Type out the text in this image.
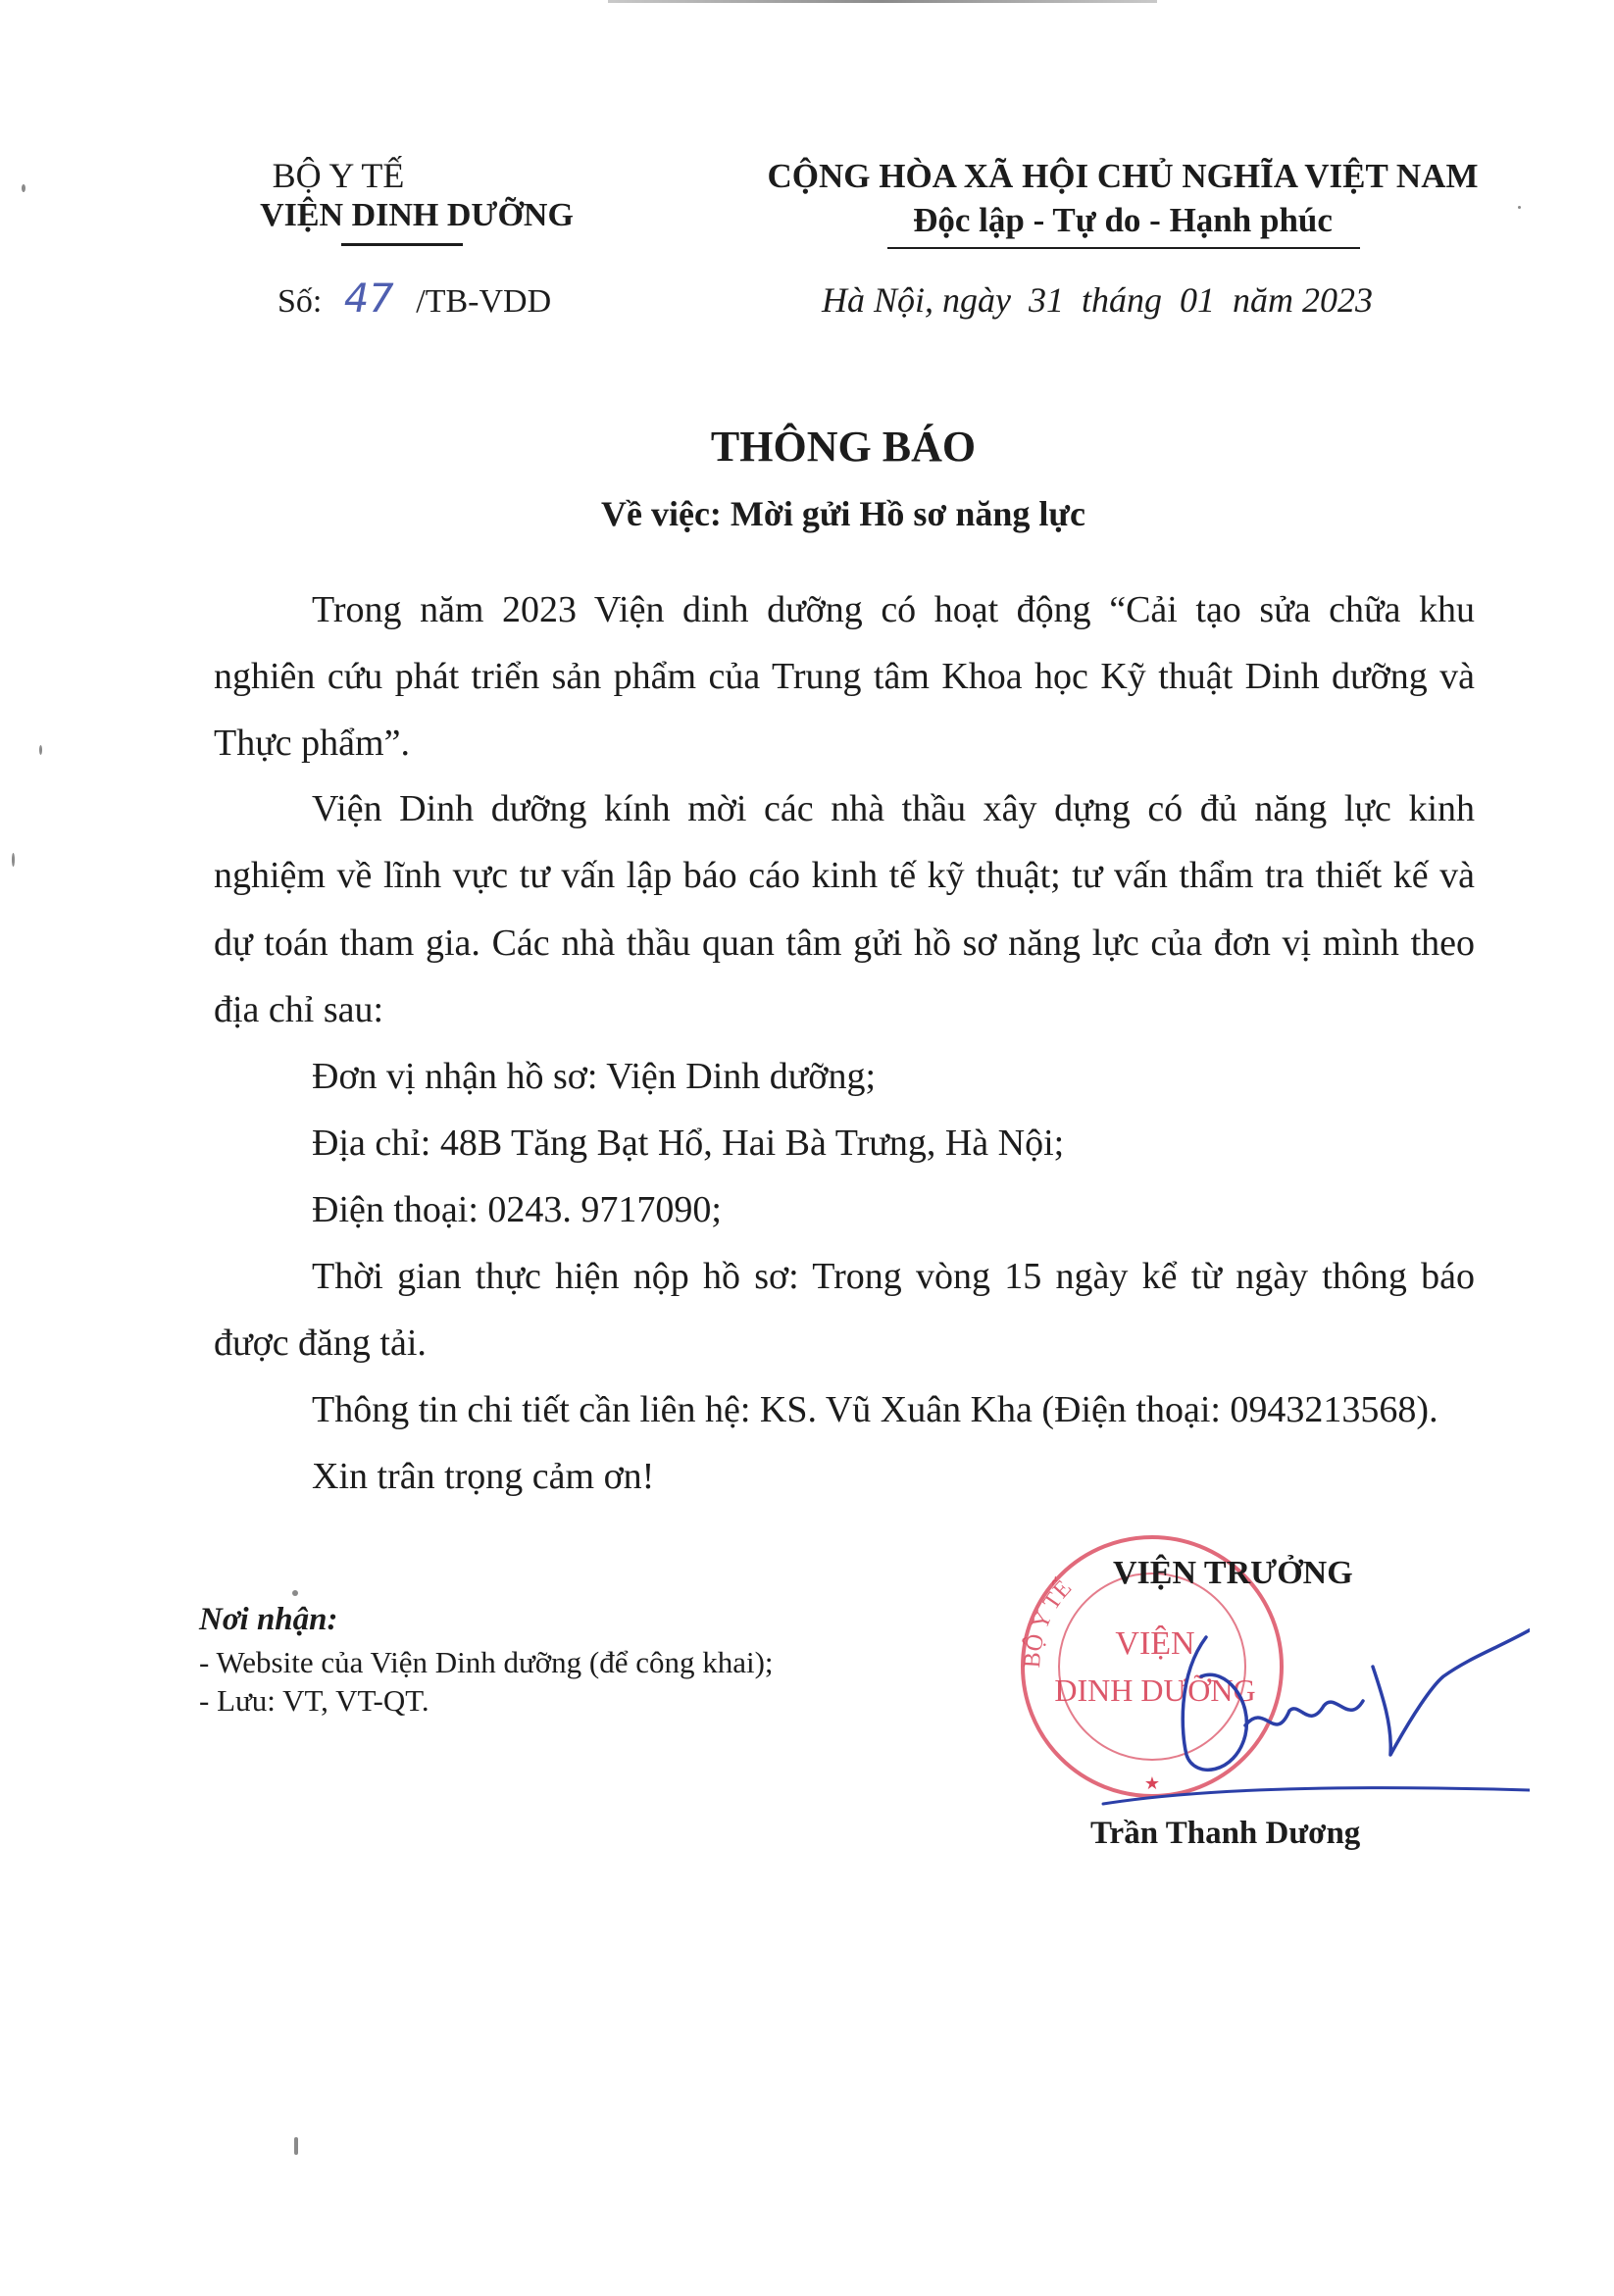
BỘ Y TẾ
VIỆN DINH DƯỠNG
Số: 47 /TB-VDD
CỘNG HÒA XÃ HỘI CHỦ NGHĨA VIỆT NAM
Độc lập - Tự do - Hạnh phúc
Hà Nội, ngày  31  tháng  01  năm 2023
THÔNG BÁO
Về việc: Mời gửi Hồ sơ năng lực
Trong năm 2023 Viện dinh dưỡng có hoạt động “Cải tạo sửa chữa khu
nghiên cứu phát triển sản phẩm của Trung tâm Khoa học Kỹ thuật Dinh dưỡng và
Thực phẩm”.
Viện Dinh dưỡng kính mời các nhà thầu xây dựng có đủ năng lực kinh
nghiệm về lĩnh vực tư vấn lập báo cáo kinh tế kỹ thuật; tư vấn thẩm tra thiết kế và
dự toán tham gia. Các nhà thầu quan tâm gửi hồ sơ năng lực của đơn vị mình theo
địa chỉ sau:
Đơn vị nhận hồ sơ: Viện Dinh dưỡng;
Địa chỉ: 48B Tăng Bạt Hổ, Hai Bà Trưng, Hà Nội;
Điện thoại: 0243. 9717090;
Thời gian thực hiện nộp hồ sơ: Trong vòng 15 ngày kể từ ngày thông báo
được đăng tải.
Thông tin chi tiết cần liên hệ: KS. Vũ Xuân Kha (Điện thoại: 0943213568).
Xin trân trọng cảm ơn!
Nơi nhận:
- Website của Viện Dinh dưỡng (để công khai);
- Lưu: VT, VT-QT.
BỘ Y TẾ
VIỆN
DINH DƯỠNG
★
VIỆN TRƯỞNG
Trần Thanh Dương
